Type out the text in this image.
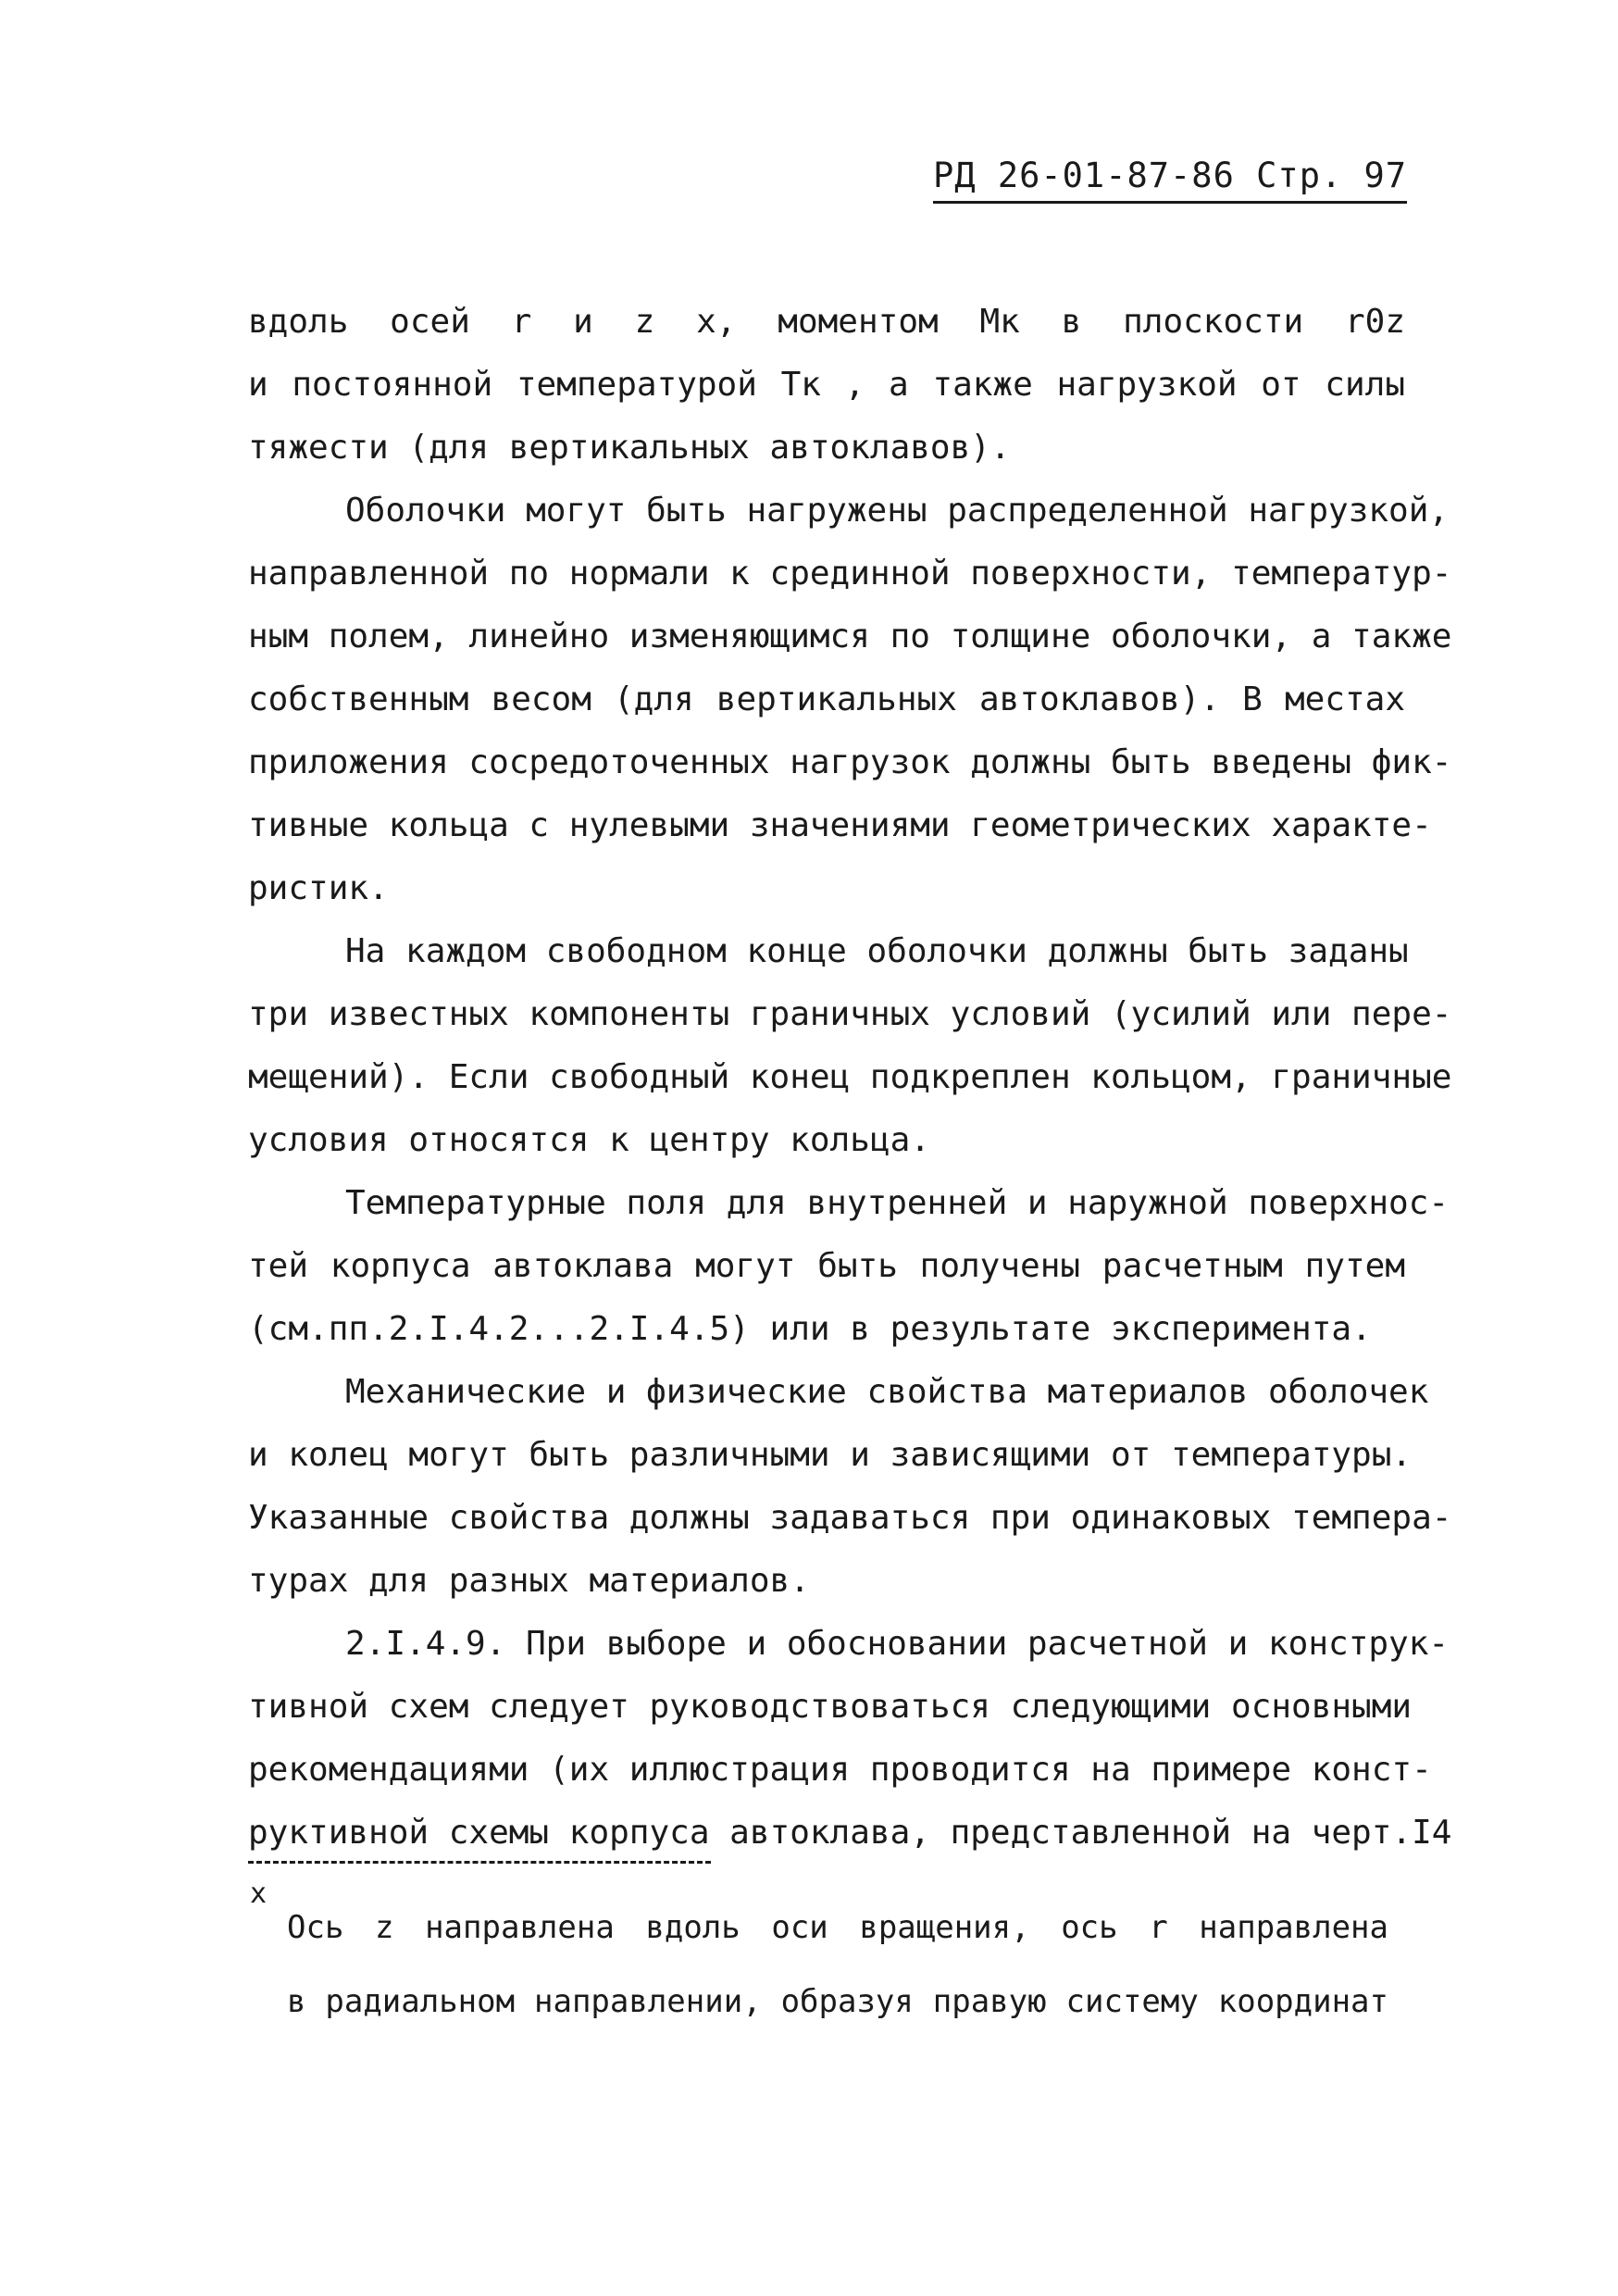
РД 26-01-87-86 Стр. 97
вдоль осей r и z x, моментом Mк в плоскости r0z
и постоянной температурой Tк , а также нагрузкой от силы
тяжести (для вертикальных автоклавов).
Оболочки могут быть нагружены распределенной нагрузкой,
направленной по нормали к срединной поверхности, температур-
ным полем, линейно изменяющимся по толщине оболочки, а также
собственным весом (для вертикальных автоклавов). В местах
приложения сосредоточенных нагрузок должны быть введены фик-
тивные кольца с нулевыми значениями геометрических характе-
ристик.
На каждом свободном конце оболочки должны быть заданы
три известных компоненты граничных условий (усилий или пере-
мещений). Если свободный конец подкреплен кольцом, граничные
условия относятся к центру кольца.
Температурные поля для внутренней и наружной поверхнос-
тей корпуса автоклава могут быть получены расчетным путем
(см.пп.2.I.4.2...2.I.4.5) или в результате эксперимента.
Механические и физические свойства материалов оболочек
и колец могут быть различными и зависящими от температуры.
Указанные свойства должны задаваться при одинаковых темпера-
турах для разных материалов.
2.I.4.9. При выборе и обосновании расчетной и конструк-
тивной схем следует руководствоваться следующими основными
рекомендациями (их иллюстрация проводится на примере конст-
руктивной схемы корпуса автоклава, представленной на черт.I4
x
Ось z направлена вдоль оси вращения, ось r направлена
в радиальном направлении, образуя правую систему координат
